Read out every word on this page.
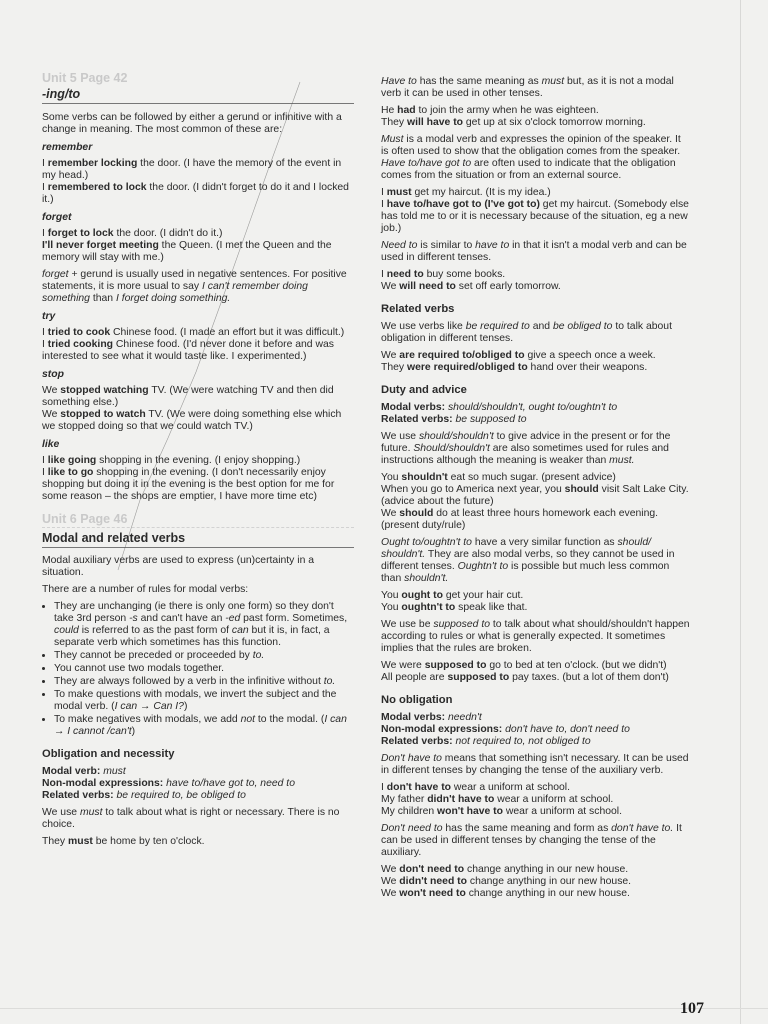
Unit 5 Page 42
-ing/to

Some verbs can be followed by either a gerund or infinitive with a change in meaning. The most common of these are:

remember

I remember locking the door. (I have the memory of the event in my head.)

I remembered to lock the door. (I didn't forget to do it and I locked it.)

forget

I forget to lock the door. (I didn't do it.)

I'll never forget meeting the Queen. (I met the Queen and the memory will stay with me.)

forget + gerund is usually used in negative sentences. For positive statements, it is more usual to say I can't remember doing something than I forget doing something.

try

I tried to cook Chinese food. (I made an effort but it was difficult.)

I tried cooking Chinese food. (I'd never done it before and was interested to see what it would taste like. I experimented.)

stop

We stopped watching TV. (We were watching TV and then did something else.)

We stopped to watch TV. (We were doing something else which we stopped doing so that we could watch TV.)

like

I like going shopping in the evening. (I enjoy shopping.)

I like to go shopping in the evening. (I don't necessarily enjoy shopping but doing it in the evening is the best option for me for some reason – the shops are emptier, I have more time etc)

Unit 6 Page 46
Modal and related verbs

Modal auxiliary verbs are used to express (un)certainty in a situation.

There are a number of rules for modal verbs:

• They are unchanging (ie there is only one form) so they don't take 3rd person -s and can't have an -ed past form. Sometimes, could is referred to as the past form of can but it is, in fact, a separate verb which sometimes has this function.
• They cannot be preceded or proceeded by to.
• You cannot use two modals together.
• They are always followed by a verb in the infinitive without to.
• To make questions with modals, we invert the subject and the modal verb. (I can → Can I?)
• To make negatives with modals, we add not to the modal. (I can → I cannot /can't)
Obligation and necessity

Modal verb: must

Non-modal expressions: have to/have got to, need to

Related verbs: be required to, be obliged to

We use must to talk about what is right or necessary. There is no choice.

They must be home by ten o'clock.

Have to has the same meaning as must but, as it is not a modal verb it can be used in other tenses.

He had to join the army when he was eighteen.

They will have to get up at six o'clock tomorrow morning.

Must is a modal verb and expresses the opinion of the speaker. It is often used to show that the obligation comes from the speaker. Have to/have got to are often used to indicate that the obligation comes from the situation or from an external source.

I must get my haircut. (It is my idea.)

I have to/have got to (I've got to) get my haircut. (Somebody else has told me to or it is necessary because of the situation, eg a new job.)

Need to is similar to have to in that it isn't a modal verb and can be used in different tenses.

I need to buy some books.

We will need to set off early tomorrow.

Related verbs

We use verbs like be required to and be obliged to to talk about obligation in different tenses.

We are required to/obliged to give a speech once a week.

They were required/obliged to hand over their weapons.

Duty and advice

Modal verbs: should/shouldn't, ought to/oughtn't to

Related verbs: be supposed to

We use should/shouldn't to give advice in the present or for the future. Should/shouldn't are also sometimes used for rules and instructions although the meaning is weaker than must.

You shouldn't eat so much sugar. (present advice)

When you go to America next year, you should visit Salt Lake City. (advice about the future)

We should do at least three hours homework each evening. (present duty/rule)

Ought to/oughtn't to have a very similar function as should/ shouldn't. They are also modal verbs, so they cannot be used in different tenses. Oughtn't to is possible but much less common than shouldn't.

You ought to get your hair cut.

You oughtn't to speak like that.

We use be supposed to to talk about what should/shouldn't happen according to rules or what is generally expected. It sometimes implies that the rules are broken.

We were supposed to go to bed at ten o'clock. (but we didn't)

All people are supposed to pay taxes. (but a lot of them don't)

No obligation

Modal verbs: needn't

Non-modal expressions: don't have to, don't need to

Related verbs: not required to, not obliged to

Don't have to means that something isn't necessary. It can be used in different tenses by changing the tense of the auxiliary verb.

I don't have to wear a uniform at school.

My father didn't have to wear a uniform at school.

My children won't have to wear a uniform at school.

Don't need to has the same meaning and form as don't have to. It can be used in different tenses by changing the tense of the auxiliary.

We don't need to change anything in our new house.

We didn't need to change anything in our new house.

We won't need to change anything in our new house.

107
